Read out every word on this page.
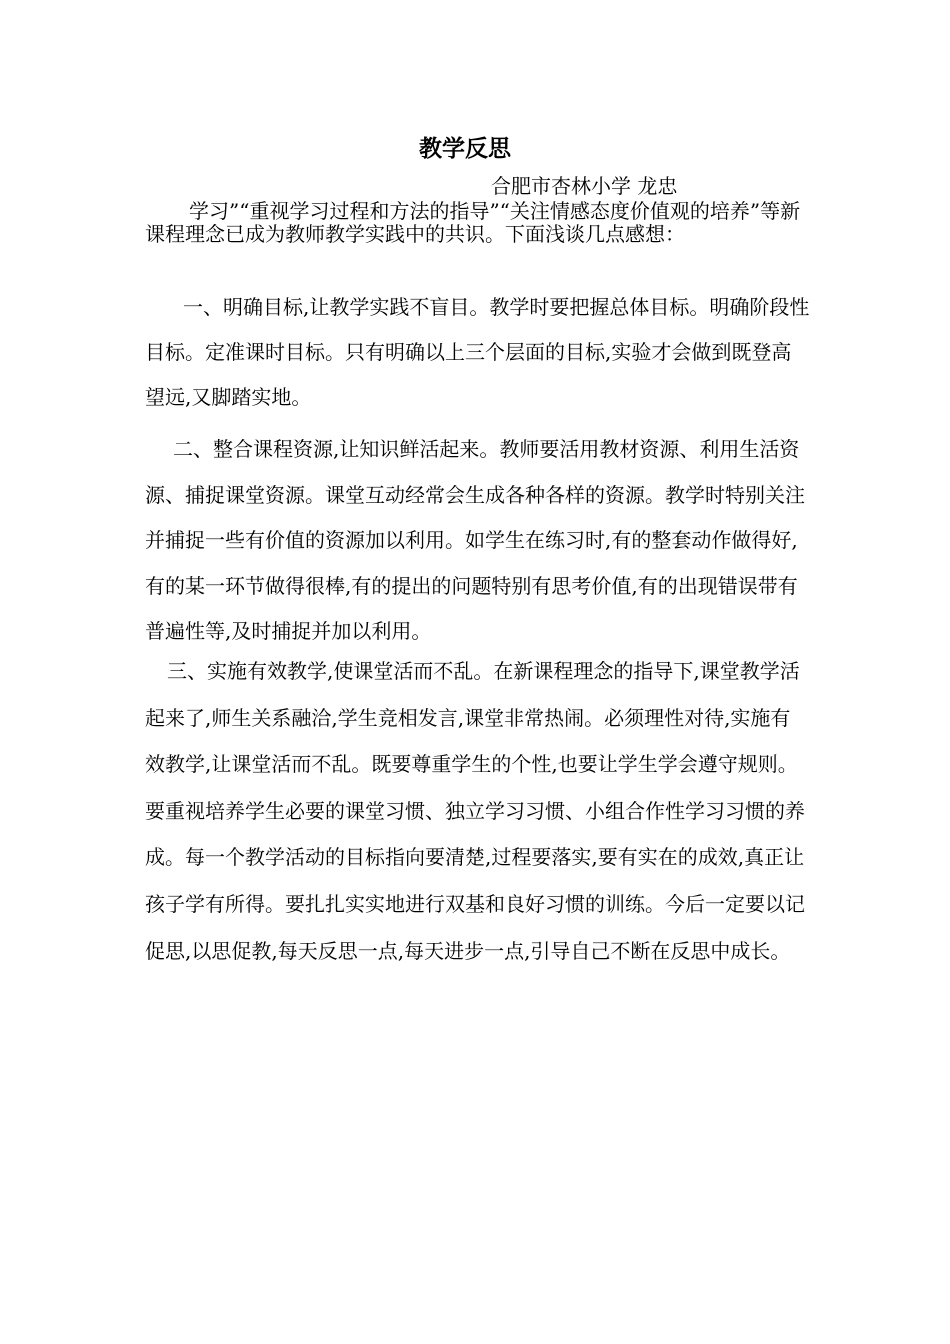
教学反思
合肥市杏林小学 龙忠

学习”“重视学习过程和方法的指导”“关注情感态度价值观的培养”等新课程理念已成为教师教学实践中的共识。下面浅谈几点感想：

一、明确目标,让教学实践不盲目。教学时要把握总体目标。明确阶段性目标。定准课时目标。只有明确以上三个层面的目标,实验才会做到既登高望远,又脚踏实地。

二、整合课程资源,让知识鲜活起来。教师要活用教材资源、利用生活资源、捕捉课堂资源。课堂互动经常会生成各种各样的资源。教学时特别关注并捕捉一些有价值的资源加以利用。如学生在练习时,有的整套动作做得好,有的某一环节做得很棒,有的提出的问题特别有思考价值,有的出现错误带有普遍性等,及时捕捉并加以利用。

三、实施有效教学,使课堂活而不乱。在新课程理念的指导下,课堂教学活起来了,师生关系融洽,学生竞相发言,课堂非常热闹。必须理性对待,实施有效教学,让课堂活而不乱。既要尊重学生的个性,也要让学生学会遵守规则。要重视培养学生必要的课堂习惯、独立学习习惯、小组合作性学习习惯的养成。每一个教学活动的目标指向要清楚,过程要落实,要有实在的成效,真正让孩子学有所得。要扎扎实实地进行双基和良好习惯的训练。今后一定要以记促思,以思促教,每天反思一点,每天进步一点,引导自己不断在反思中成长。
